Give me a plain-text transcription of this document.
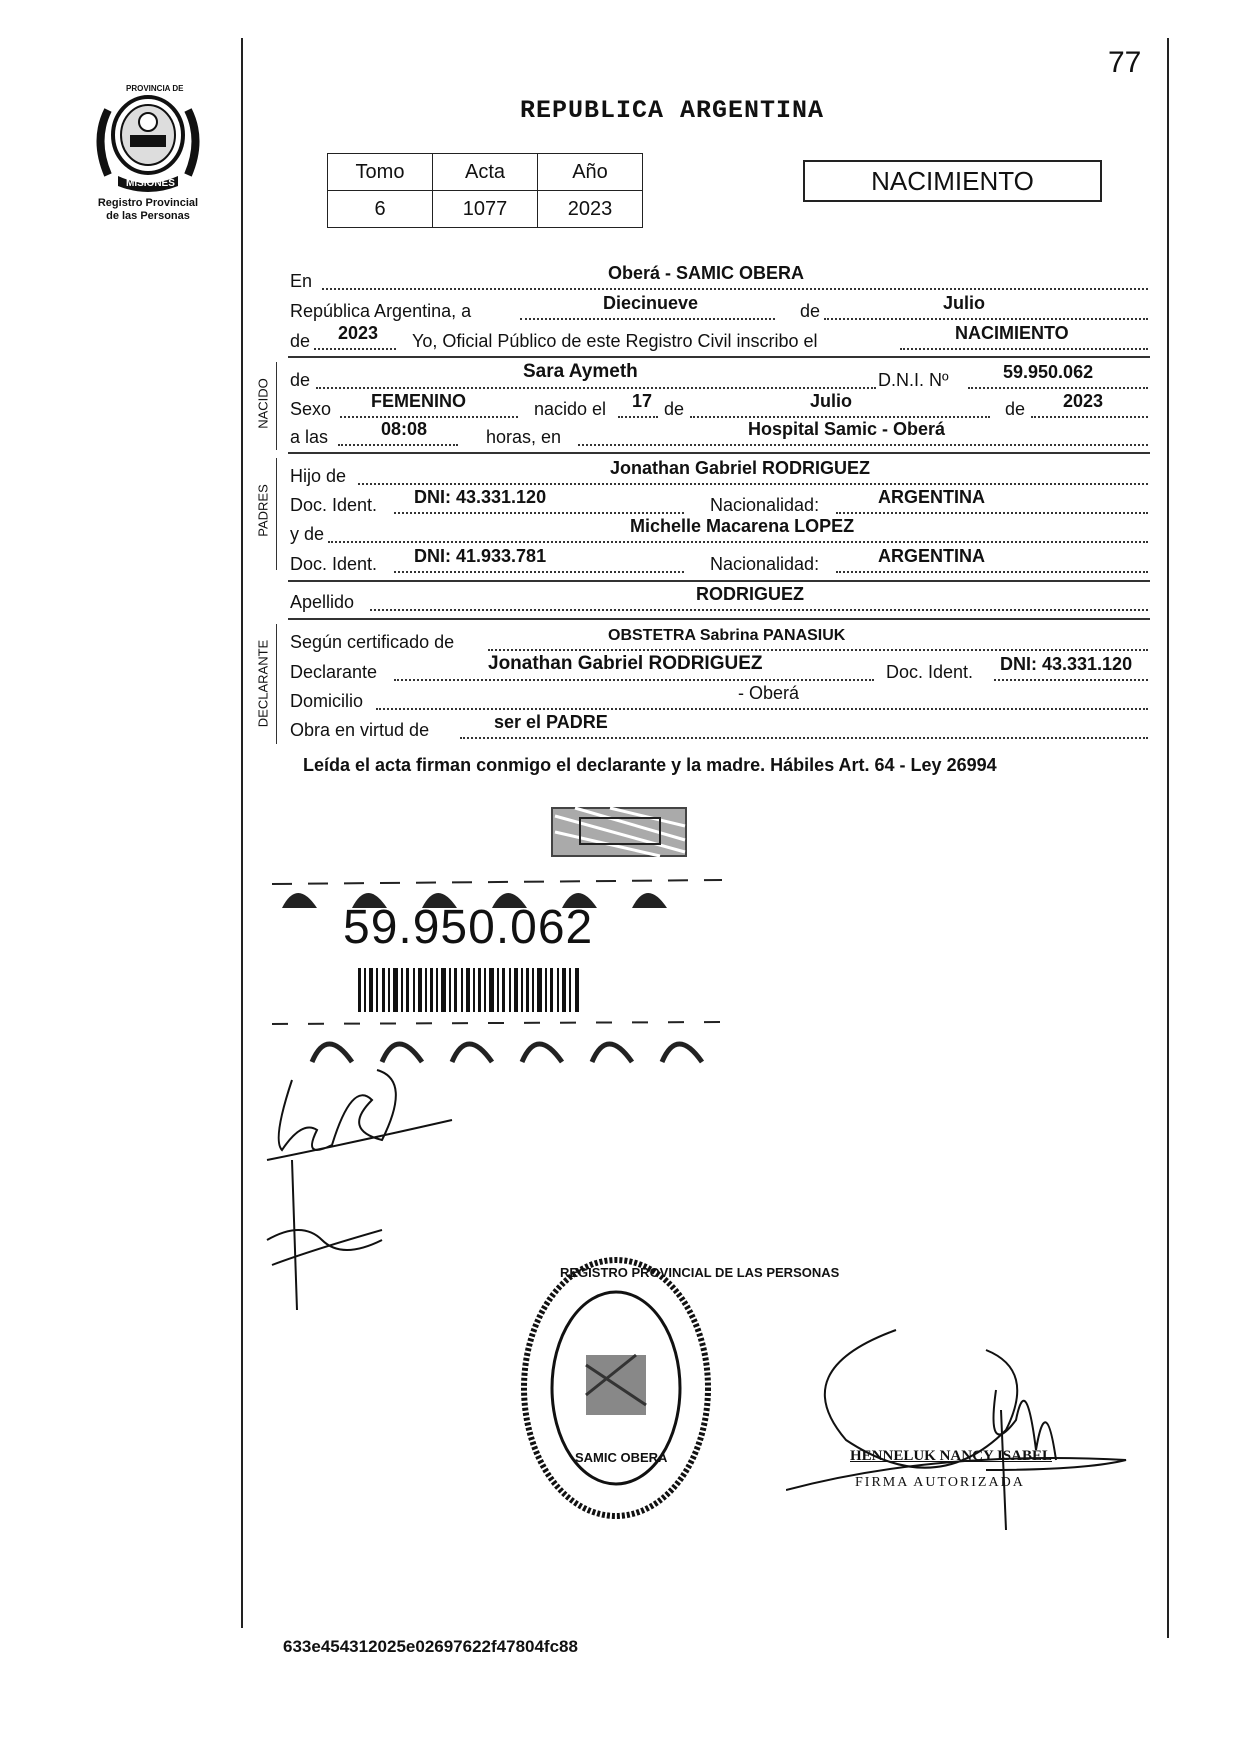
77
PROVINCIA DE
MISIONES
Registro Provincial
de las Personas
REPUBLICA ARGENTINA
Tomo	Acta	Año
6	1077	2023
NACIMIENTO
En	Oberá - SAMIC OBERA
República Argentina, a	Diecinueve	de	Julio
de 2023 Yo, Oficial Público de este Registro Civil inscribo el	NACIMIENTO
NACIDO de	Sara Aymeth	D.N.I. Nº	59.950.062
Sexo FEMENINO	nacido el 17 de	Julio	de 2023
a las	08:08	horas, en	Hospital Samic - Oberá
PADRES
Hijo de	Jonathan Gabriel RODRIGUEZ
Doc. Ident. DNI: 43.331.120	Nacionalidad:	ARGENTINA
y de	Michelle Macarena LOPEZ
Doc. Ident. DNI: 41.933.781	Nacionalidad:	ARGENTINA
Apellido	RODRIGUEZ
DECLARANTE Según certificado de	OBSTETRA Sabrina PANASIUK
Declarante	Jonathan Gabriel RODRIGUEZ	Doc. Ident. DNI: 43.331.120
Domicilio	- Oberá
Obra en virtud de	ser el PADRE
Leída el acta firman conmigo el declarante y la madre. Hábiles Art. 64 - Ley 26994
59.950.062
REGISTRO PROVINCIAL DE LAS PERSONAS
SAMIC OBERA	HENNELUK NANCY ISABEL
FIRMA AUTORIZADA
633e454312025e02697622f47804fc88
